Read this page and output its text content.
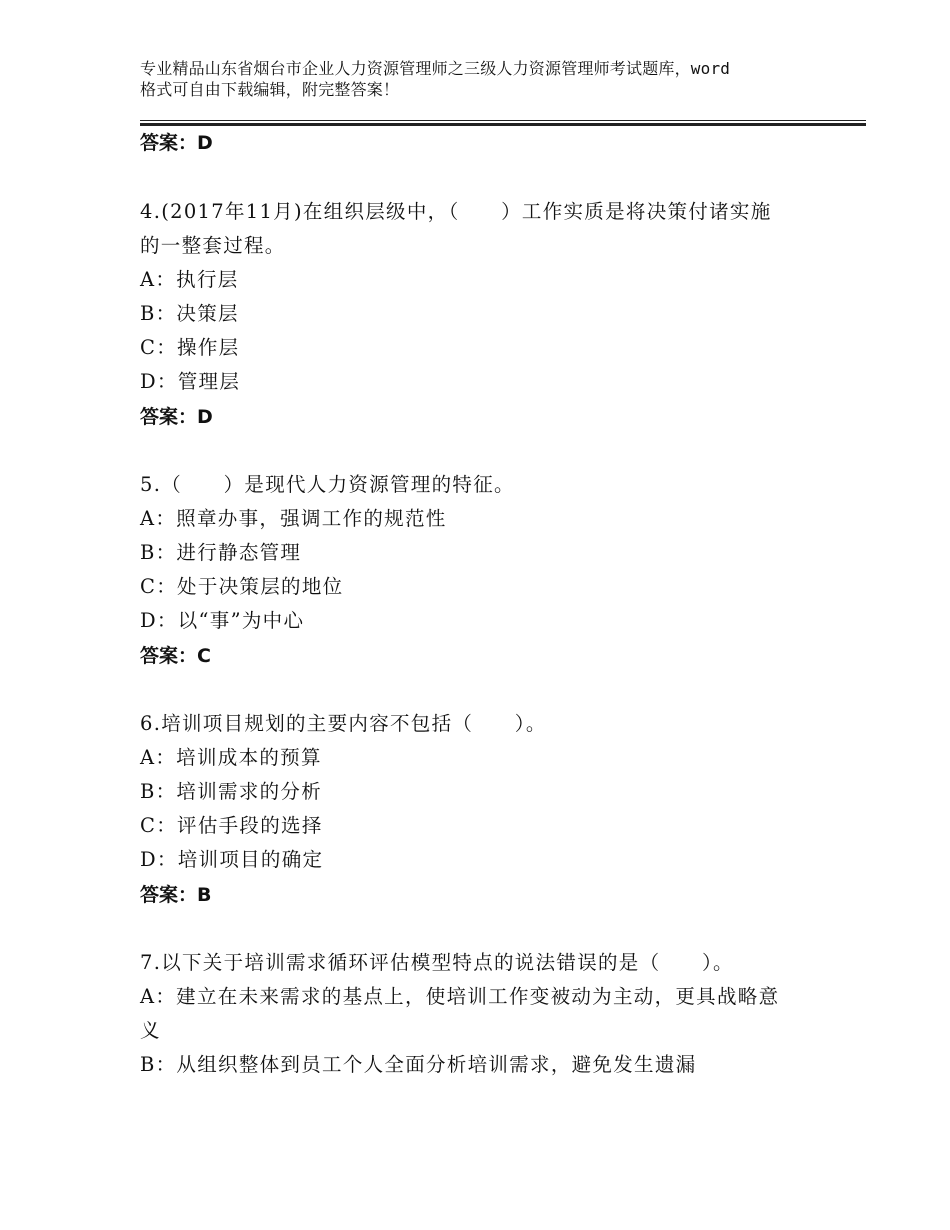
专业精品山东省烟台市企业人力资源管理师之三级人力资源管理师考试题库，word
格式可自由下载编辑，附完整答案！
答案：D
4.(2017年11月)在组织层级中，（　　）工作实质是将决策付诸实施
的一整套过程。
A：执行层
B：决策层
C：操作层
D：管理层
答案：D
5.（　　）是现代人力资源管理的特征。
A：照章办事，强调工作的规范性
B：进行静态管理
C：处于决策层的地位
D：以“事”为中心
答案：C
6.培训项目规划的主要内容不包括（　　）。
A：培训成本的预算
B：培训需求的分析
C：评估手段的选择
D：培训项目的确定
答案：B
7.以下关于培训需求循环评估模型特点的说法错误的是（　　）。
A：建立在未来需求的基点上，使培训工作变被动为主动，更具战略意
义
B：从组织整体到员工个人全面分析培训需求，避免发生遗漏
